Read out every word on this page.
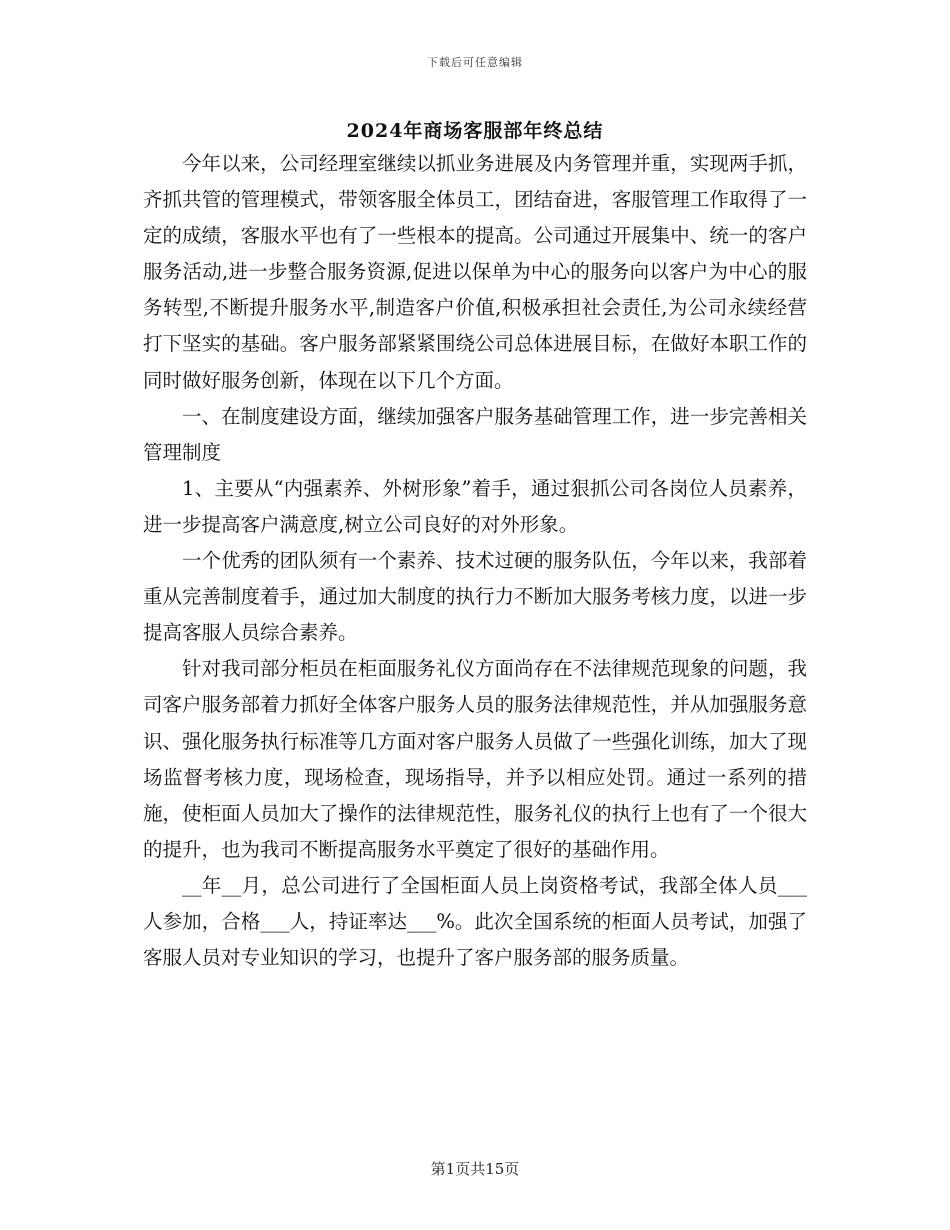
下载后可任意编辑
2024年商场客服部年终总结

今年以来，公司经理室继续以抓业务进展及内务管理并重，实现两手抓，齐抓共管的管理模式，带领客服全体员工，团结奋进，客服管理工作取得了一定的成绩，客服水平也有了一些根本的提高。公司通过开展集中、统一的客户服务活动,进一步整合服务资源,促进以保单为中心的服务向以客户为中心的服务转型,不断提升服务水平,制造客户价值,积极承担社会责任,为公司永续经营打下坚实的基础。客户服务部紧紧围绕公司总体进展目标，在做好本职工作的同时做好服务创新，体现在以下几个方面。

一、在制度建设方面，继续加强客户服务基础管理工作，进一步完善相关管理制度

1、主要从“内强素养、外树形象”着手，通过狠抓公司各岗位人员素养，进一步提高客户满意度,树立公司良好的对外形象。

一个优秀的团队须有一个素养、技术过硬的服务队伍，今年以来，我部着重从完善制度着手，通过加大制度的执行力不断加大服务考核力度，以进一步提高客服人员综合素养。

针对我司部分柜员在柜面服务礼仪方面尚存在不法律规范现象的问题，我司客户服务部着力抓好全体客户服务人员的服务法律规范性，并从加强服务意识、强化服务执行标准等几方面对客户服务人员做了一些强化训练，加大了现场监督考核力度，现场检查，现场指导，并予以相应处罚。通过一系列的措施，使柜面人员加大了操作的法律规范性，服务礼仪的执行上也有了一个很大的提升，也为我司不断提高服务水平奠定了很好的基础作用。

__年__月，总公司进行了全国柜面人员上岗资格考试，我部全体人员___人参加，合格___人，持证率达___%。此次全国系统的柜面人员考试，加强了客服人员对专业知识的学习，也提升了客户服务部的服务质量。

第1页共15页
